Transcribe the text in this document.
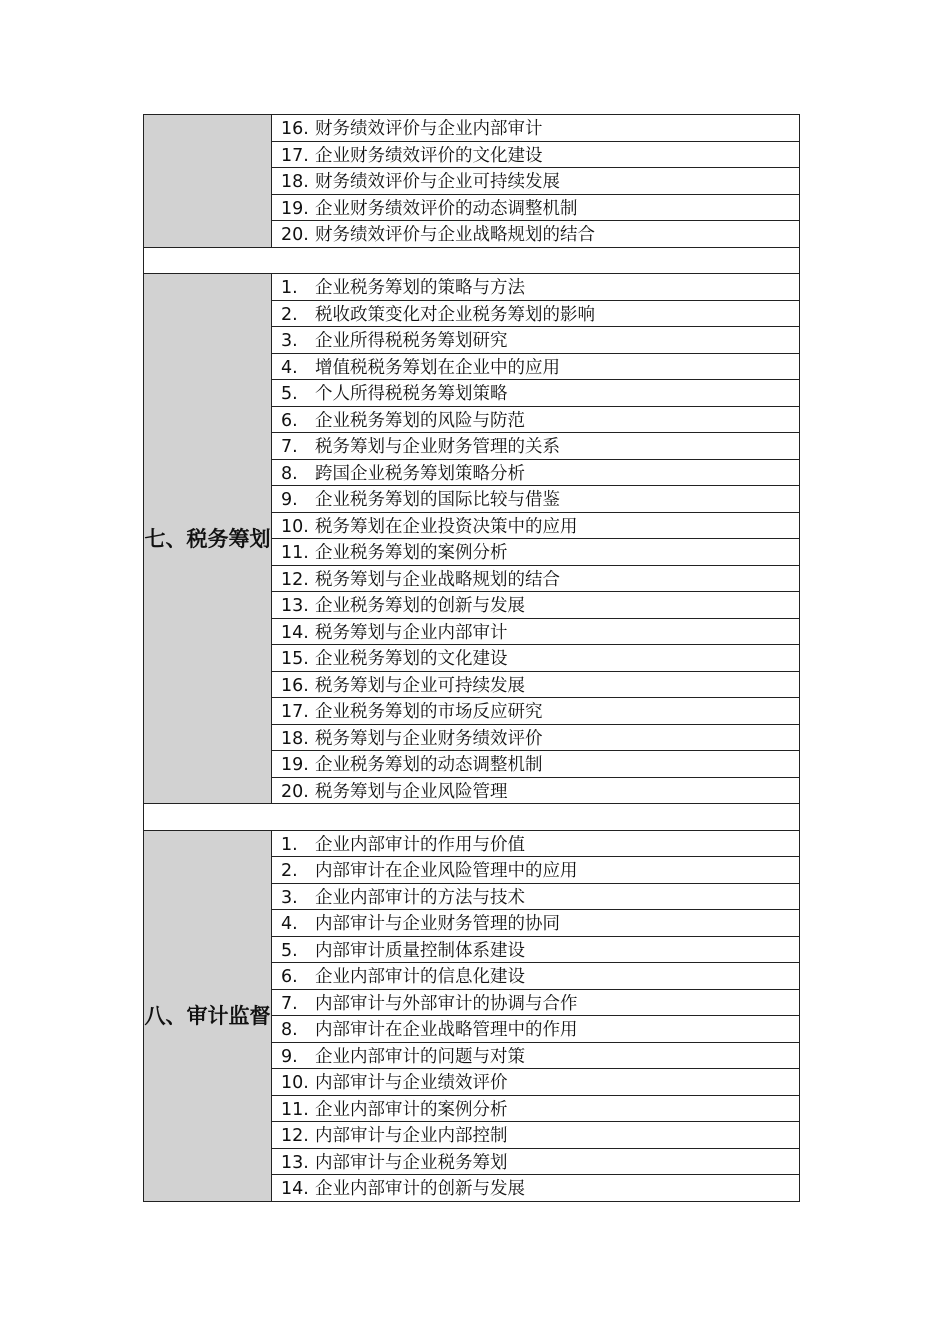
	16. 财务绩效评价与企业内部审计
	17. 企业财务绩效评价的文化建设
	18. 财务绩效评价与企业可持续发展
	19. 企业财务绩效评价的动态调整机制
	20. 财务绩效评价与企业战略规划的结合

七、税务筹划	1. 企业税务筹划的策略与方法
	2. 税收政策变化对企业税务筹划的影响
	3. 企业所得税税务筹划研究
	4. 增值税税务筹划在企业中的应用
	5. 个人所得税税务筹划策略
	6. 企业税务筹划的风险与防范
	7. 税务筹划与企业财务管理的关系
	8. 跨国企业税务筹划策略分析
	9. 企业税务筹划的国际比较与借鉴
	10. 税务筹划在企业投资决策中的应用
	11. 企业税务筹划的案例分析
	12. 税务筹划与企业战略规划的结合
	13. 企业税务筹划的创新与发展
	14. 税务筹划与企业内部审计
	15. 企业税务筹划的文化建设
	16. 税务筹划与企业可持续发展
	17. 企业税务筹划的市场反应研究
	18. 税务筹划与企业财务绩效评价
	19. 企业税务筹划的动态调整机制
	20. 税务筹划与企业风险管理

八、审计监督	1. 企业内部审计的作用与价值
	2. 内部审计在企业风险管理中的应用
	3. 企业内部审计的方法与技术
	4. 内部审计与企业财务管理的协同
	5. 内部审计质量控制体系建设
	6. 企业内部审计的信息化建设
	7. 内部审计与外部审计的协调与合作
	8. 内部审计在企业战略管理中的作用
	9. 企业内部审计的问题与对策
	10. 内部审计与企业绩效评价
	11. 企业内部审计的案例分析
	12. 内部审计与企业内部控制
	13. 内部审计与企业税务筹划
	14. 企业内部审计的创新与发展
